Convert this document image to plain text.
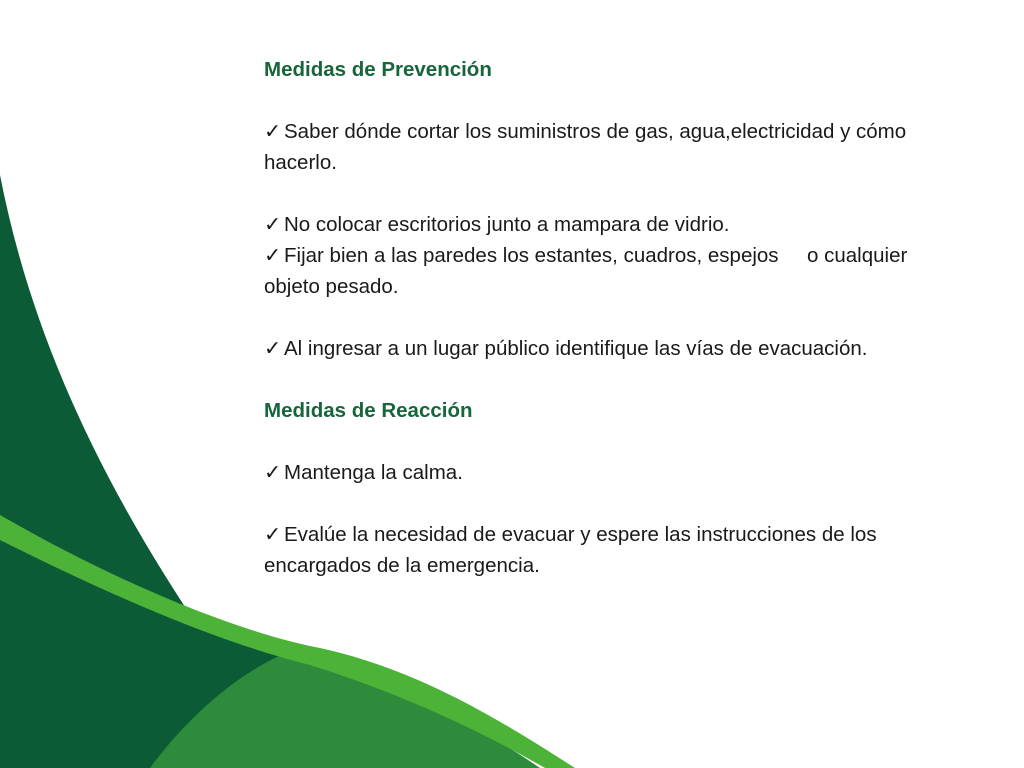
Medidas de Prevención

✓ Saber dónde cortar los suministros de gas, agua,electricidad y cómo hacerlo.

✓ No colocar escritorios junto a mampara de vidrio.

✓ Fijar bien a las paredes los estantes, cuadros, espejos     o cualquier objeto pesado.

✓ Al ingresar a un lugar público identifique las vías de evacuación.

Medidas de Reacción

✓ Mantenga la calma.

✓ Evalúe la necesidad de evacuar y espere las instrucciones de los encargados de la emergencia.
